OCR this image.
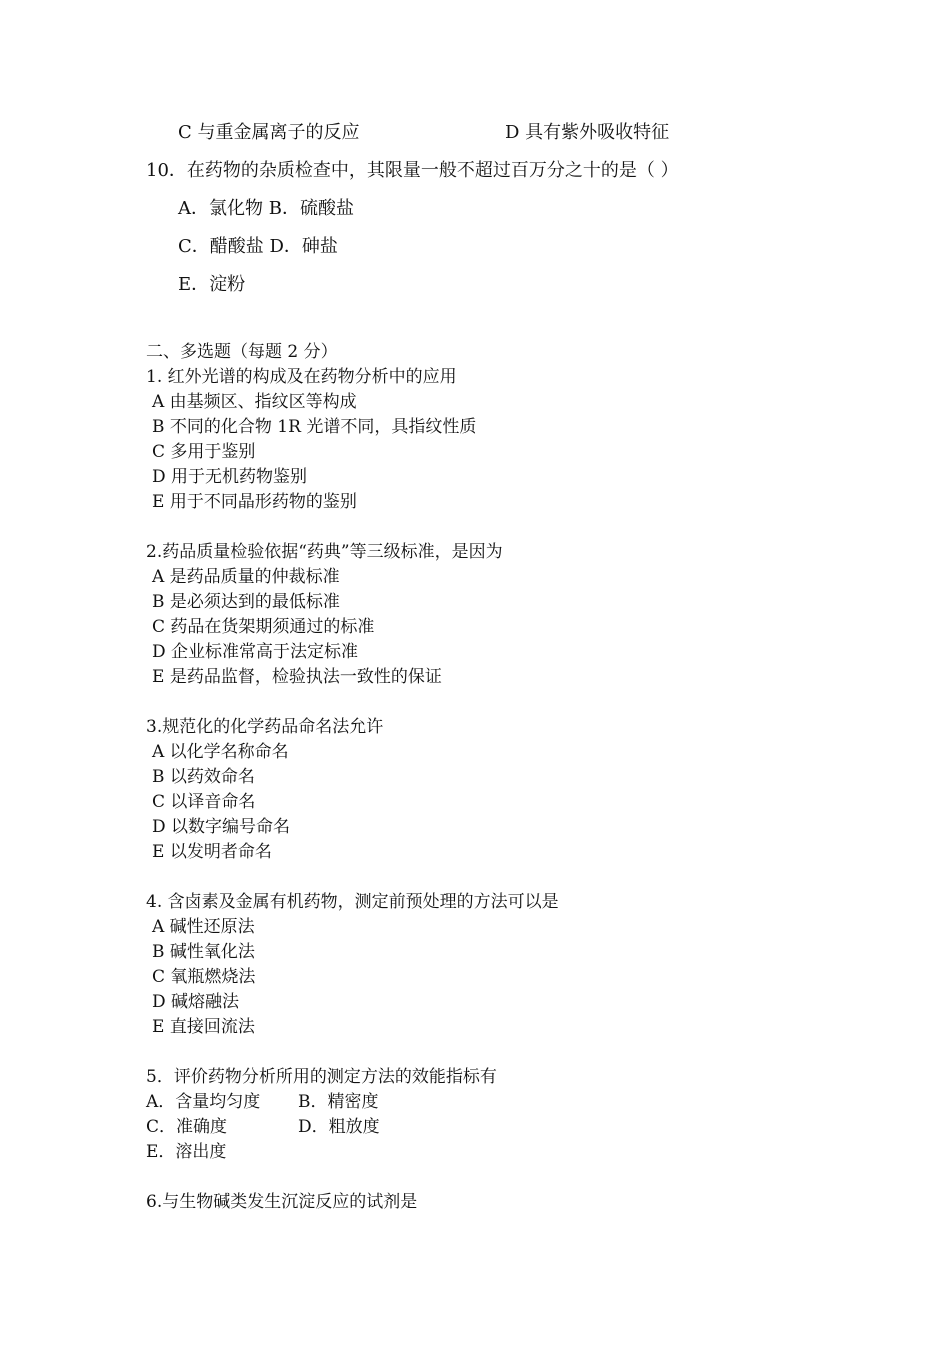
C 与重金属离子的反应	D 具有紫外吸收特征
10．在药物的杂质检查中，其限量一般不超过百万分之十的是（ ）
A．氯化物 B．硫酸盐
C．醋酸盐 D．砷盐
E．淀粉
二、多选题（每题 2 分）
1. 红外光谱的构成及在药物分析中的应用
A 由基频区、指纹区等构成
B 不同的化合物 1R 光谱不同，具指纹性质
C 多用于鉴别
D 用于无机药物鉴别
E 用于不同晶形药物的鉴别
2.药品质量检验依据“药典”等三级标准，是因为
A 是药品质量的仲裁标准
B 是必须达到的最低标准
C 药品在货架期须通过的标准
D 企业标准常高于法定标准
E 是药品监督，检验执法一致性的保证
3.规范化的化学药品命名法允许
A 以化学名称命名
B 以药效命名
C 以译音命名
D 以数字编号命名
E 以发明者命名
4. 含卤素及金属有机药物，测定前预处理的方法可以是
A 碱性还原法
B 碱性氧化法
C 氧瓶燃烧法
D 碱熔融法
E 直接回流法
5．评价药物分析所用的测定方法的效能指标有
A．含量均匀度 B．精密度
C．准确度	D．粗放度
E．溶出度
6.与生物碱类发生沉淀反应的试剂是
